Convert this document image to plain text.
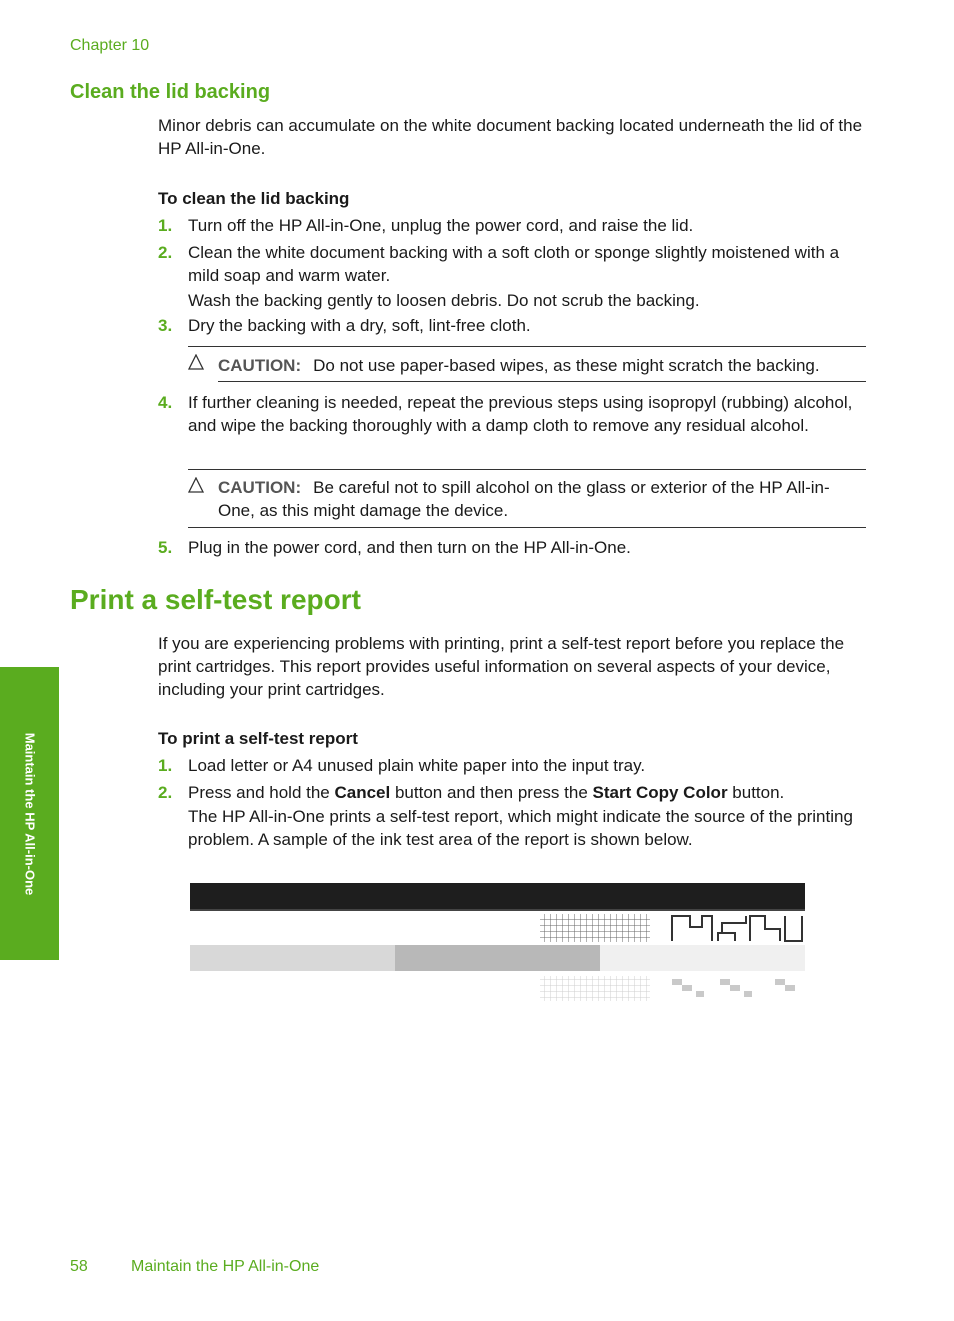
Chapter 10
Clean the lid backing
Minor debris can accumulate on the white document backing located underneath the lid of the HP All-in-One.
To clean the lid backing
1. Turn off the HP All-in-One, unplug the power cord, and raise the lid.
2. Clean the white document backing with a soft cloth or sponge slightly moistened with a mild soap and warm water.
Wash the backing gently to loosen debris. Do not scrub the backing.
3. Dry the backing with a dry, soft, lint-free cloth.
CAUTION: Do not use paper-based wipes, as these might scratch the backing.
4. If further cleaning is needed, repeat the previous steps using isopropyl (rubbing) alcohol, and wipe the backing thoroughly with a damp cloth to remove any residual alcohol.
CAUTION: Be careful not to spill alcohol on the glass or exterior of the HP All-in-One, as this might damage the device.
5. Plug in the power cord, and then turn on the HP All-in-One.
Print a self-test report
If you are experiencing problems with printing, print a self-test report before you replace the print cartridges. This report provides useful information on several aspects of your device, including your print cartridges.
To print a self-test report
1. Load letter or A4 unused plain white paper into the input tray.
2. Press and hold the Cancel button and then press the Start Copy Color button.
The HP All-in-One prints a self-test report, which might indicate the source of the printing problem. A sample of the ink test area of the report is shown below.
Maintain the HP All-in-One
58	Maintain the HP All-in-One
